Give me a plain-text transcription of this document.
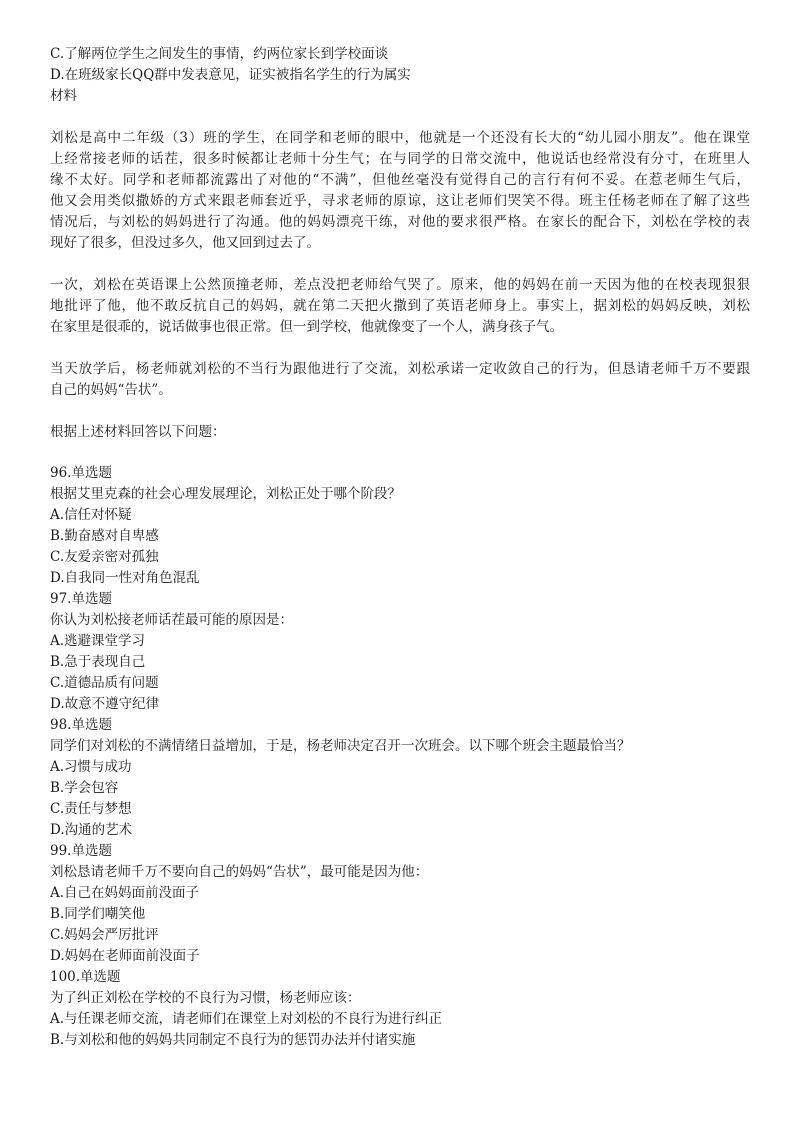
C.了解两位学生之间发生的事情，约两位家长到学校面谈
D.在班级家长QQ群中发表意见，证实被指名学生的行为属实
材料
刘松是高中二年级（3）班的学生，在同学和老师的眼中，他就是一个还没有长大的“幼儿园小朋友”。他在课堂
上经常接老师的话茬，很多时候都让老师十分生气；在与同学的日常交流中，他说话也经常没有分寸，在班里人
缘不太好。同学和老师都流露出了对他的“不满”，但他丝毫没有觉得自己的言行有何不妥。在惹老师生气后，
他又会用类似撒娇的方式来跟老师套近乎，寻求老师的原谅，这让老师们哭笑不得。班主任杨老师在了解了这些
情况后，与刘松的妈妈进行了沟通。他的妈妈漂亮干练，对他的要求很严格。在家长的配合下，刘松在学校的表
现好了很多，但没过多久，他又回到过去了。
一次，刘松在英语课上公然顶撞老师，差点没把老师给气哭了。原来，他的妈妈在前一天因为他的在校表现狠狠
地批评了他，他不敢反抗自己的妈妈，就在第二天把火撒到了英语老师身上。事实上，据刘松的妈妈反映，刘松
在家里是很乖的，说话做事也很正常。但一到学校，他就像变了一个人，满身孩子气。
当天放学后，杨老师就刘松的不当行为跟他进行了交流，刘松承诺一定收敛自己的行为，但恳请老师千万不要跟
自己的妈妈“告状”。
根据上述材料回答以下问题：
96.单选题
根据艾里克森的社会心理发展理论，刘松正处于哪个阶段？
A.信任对怀疑
B.勤奋感对自卑感
C.友爱亲密对孤独
D.自我同一性对角色混乱
97.单选题
你认为刘松接老师话茬最可能的原因是：
A.逃避课堂学习
B.急于表现自己
C.道德品质有问题
D.故意不遵守纪律
98.单选题
同学们对刘松的不满情绪日益增加，于是，杨老师决定召开一次班会。以下哪个班会主题最恰当？
A.习惯与成功
B.学会包容
C.责任与梦想
D.沟通的艺术
99.单选题
刘松恳请老师千万不要向自己的妈妈“告状”，最可能是因为他：
A.自己在妈妈面前没面子
B.同学们嘲笑他
C.妈妈会严厉批评
D.妈妈在老师面前没面子
100.单选题
为了纠正刘松在学校的不良行为习惯，杨老师应该：
A.与任课老师交流，请老师们在课堂上对刘松的不良行为进行纠正
B.与刘松和他的妈妈共同制定不良行为的惩罚办法并付诸实施
